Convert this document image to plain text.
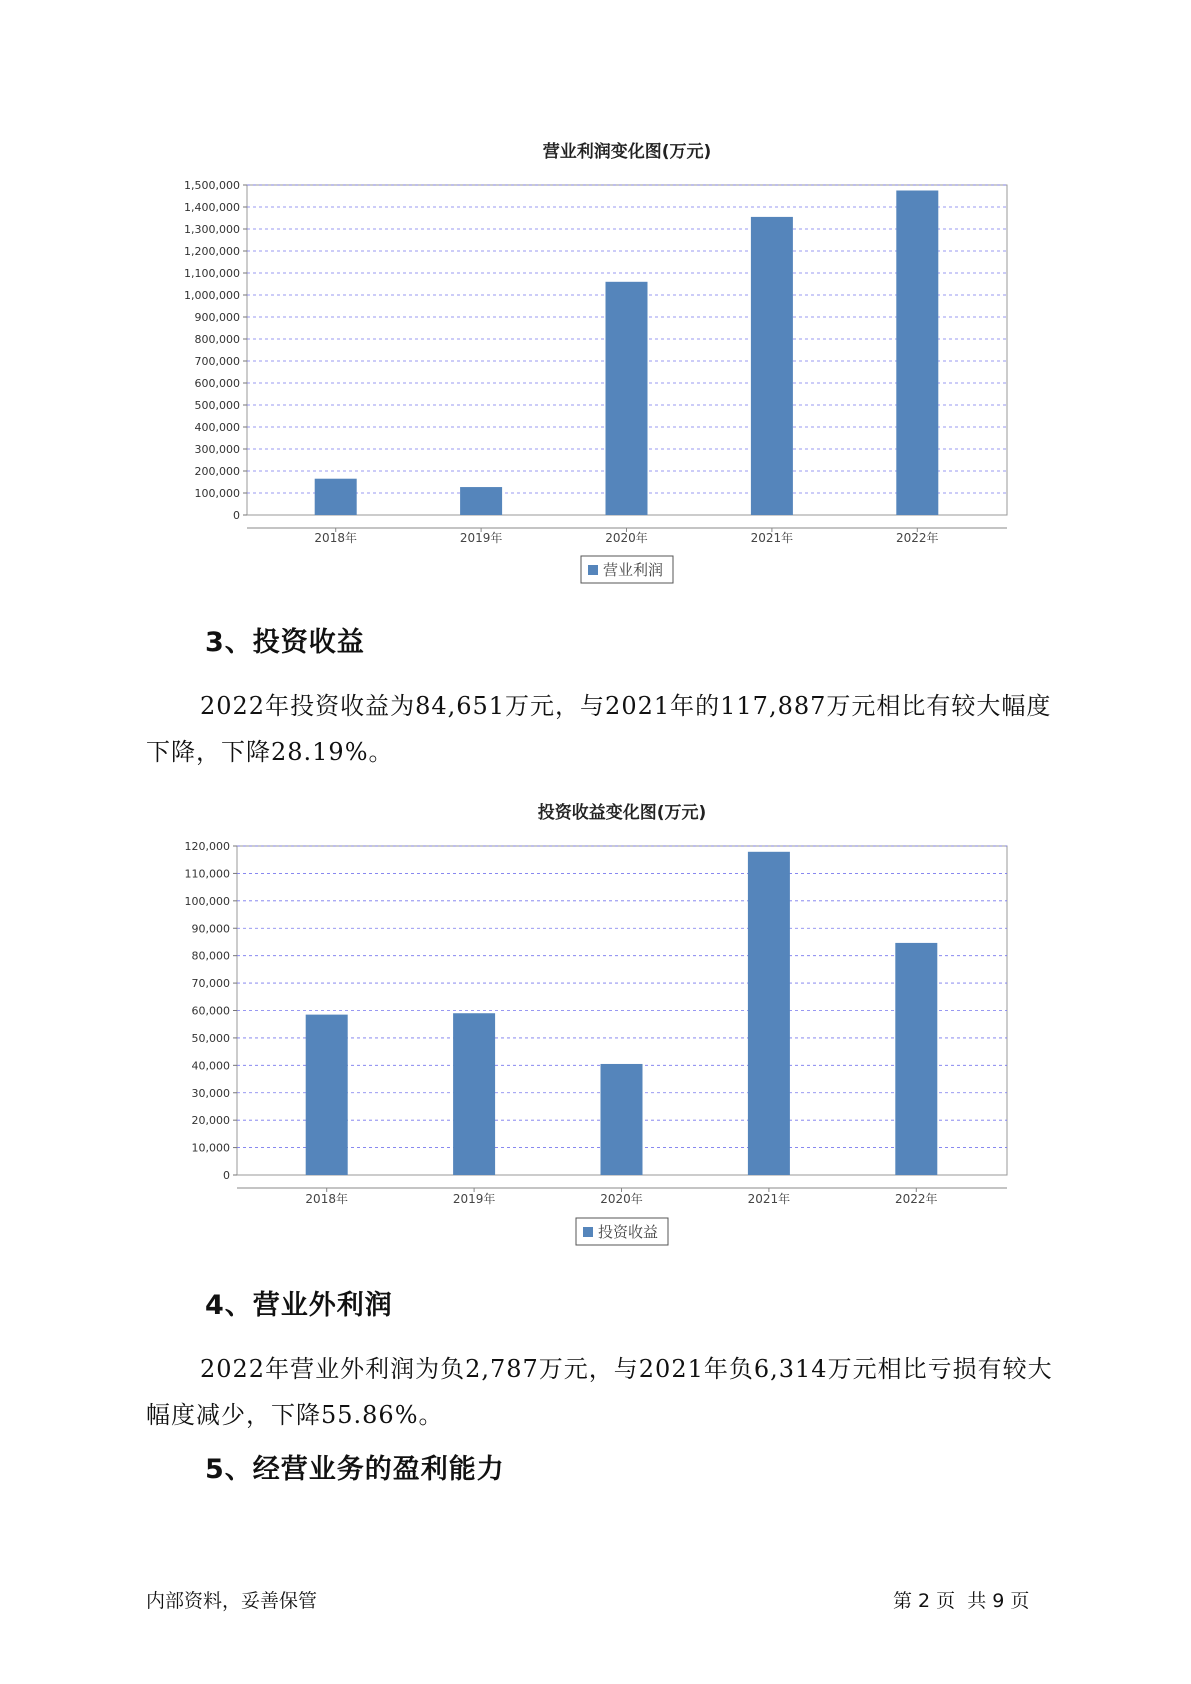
营业利润变化图(万元)
0
100,000
200,000
300,000
400,000
500,000
600,000
700,000
800,000
900,000
1,000,000
1,100,000
1,200,000
1,300,000
1,400,000
1,500,000
2018年	2019年	2020年	2021年	2022年
营业利润
投资收益变化图(万元)
0
10,000
20,000
30,000
40,000
50,000
60,000
70,000
80,000
90,000
100,000
110,000
120,000
2018年	2019年	2020年	2021年	2022年
投资收益
3、投资收益

2022年投资收益为84,651万元，与2021年的117,887万元相比有较大幅度下降，下降28.19%。

4、营业外利润

2022年营业外利润为负2,787万元，与2021年负6,314万元相比亏损有较大幅度减少，下降55.86%。

5、经营业务的盈利能力
内部资料，妥善保管	第 2 页  共 9 页
